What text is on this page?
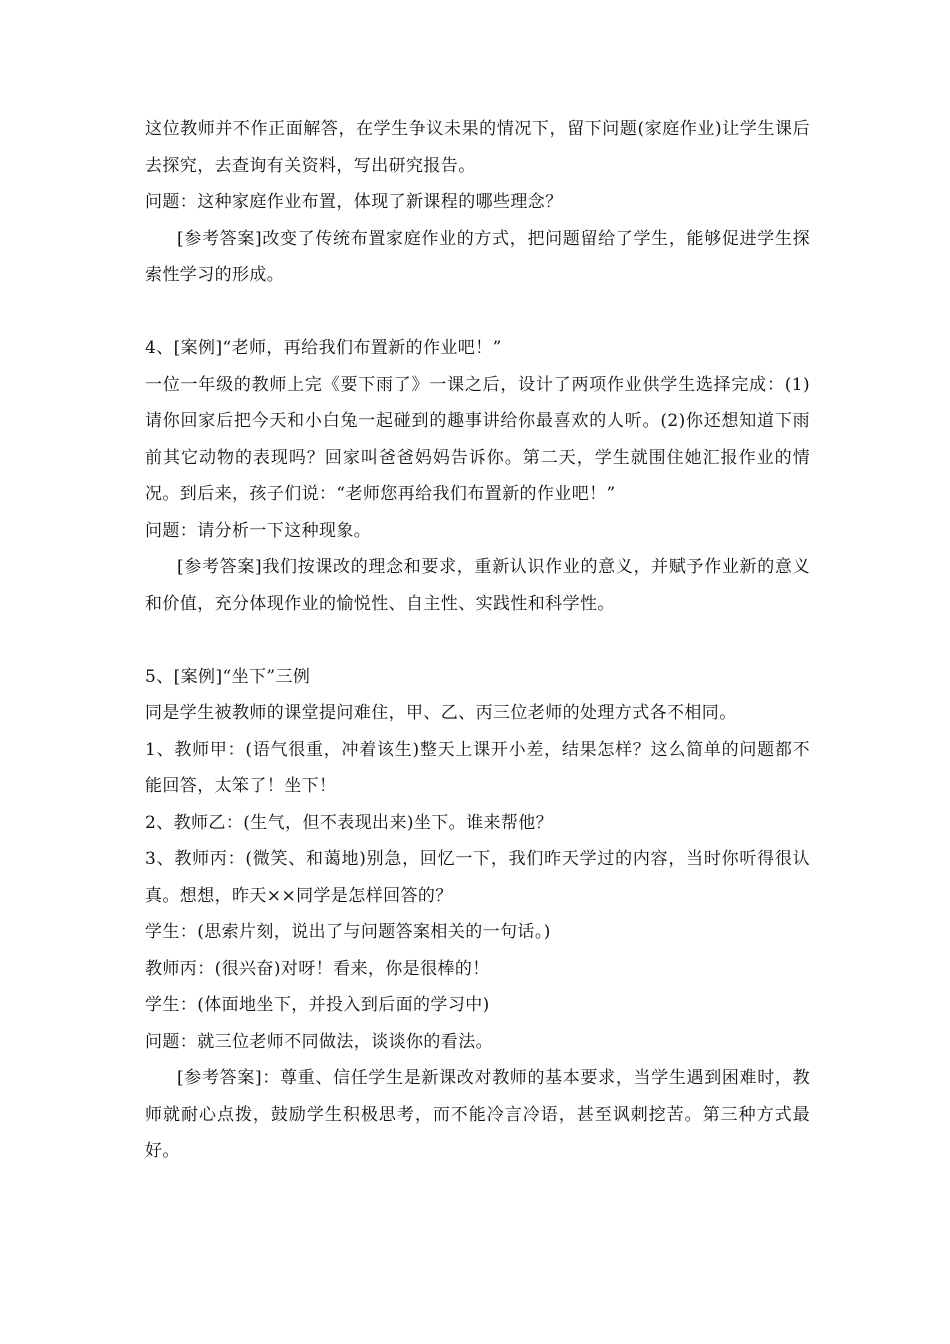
这位教师并不作正面解答，在学生争议未果的情况下，留下问题(家庭作业)让学生课后去探究，去查询有关资料，写出研究报告。

问题：这种家庭作业布置，体现了新课程的哪些理念？

[参考答案]改变了传统布置家庭作业的方式，把问题留给了学生，能够促进学生探索性学习的形成。

4、[案例]“老师，再给我们布置新的作业吧！”

一位一年级的教师上完《要下雨了》一课之后，设计了两项作业供学生选择完成：(1)请你回家后把今天和小白兔一起碰到的趣事讲给你最喜欢的人听。(2)你还想知道下雨前其它动物的表现吗？回家叫爸爸妈妈告诉你。第二天，学生就围住她汇报作业的情况。到后来，孩子们说：“老师您再给我们布置新的作业吧！”

问题：请分析一下这种现象。

[参考答案]我们按课改的理念和要求，重新认识作业的意义，并赋予作业新的意义和价值，充分体现作业的愉悦性、自主性、实践性和科学性。

5、[案例]“坐下”三例

同是学生被教师的课堂提问难住，甲、乙、丙三位老师的处理方式各不相同。

1、教师甲：(语气很重，冲着该生)整天上课开小差，结果怎样？这么简单的问题都不能回答，太笨了！坐下！

2、教师乙：(生气，但不表现出来)坐下。谁来帮他？

3、教师丙：(微笑、和蔼地)别急，回忆一下，我们昨天学过的内容，当时你听得很认真。想想，昨天××同学是怎样回答的？

学生：(思索片刻，说出了与问题答案相关的一句话。)

教师丙：(很兴奋)对呀！看来，你是很棒的！

学生：(体面地坐下，并投入到后面的学习中)

问题：就三位老师不同做法，谈谈你的看法。

[参考答案]：尊重、信任学生是新课改对教师的基本要求，当学生遇到困难时，教师就耐心点拨，鼓励学生积极思考，而不能冷言冷语，甚至讽刺挖苦。第三种方式最好。
